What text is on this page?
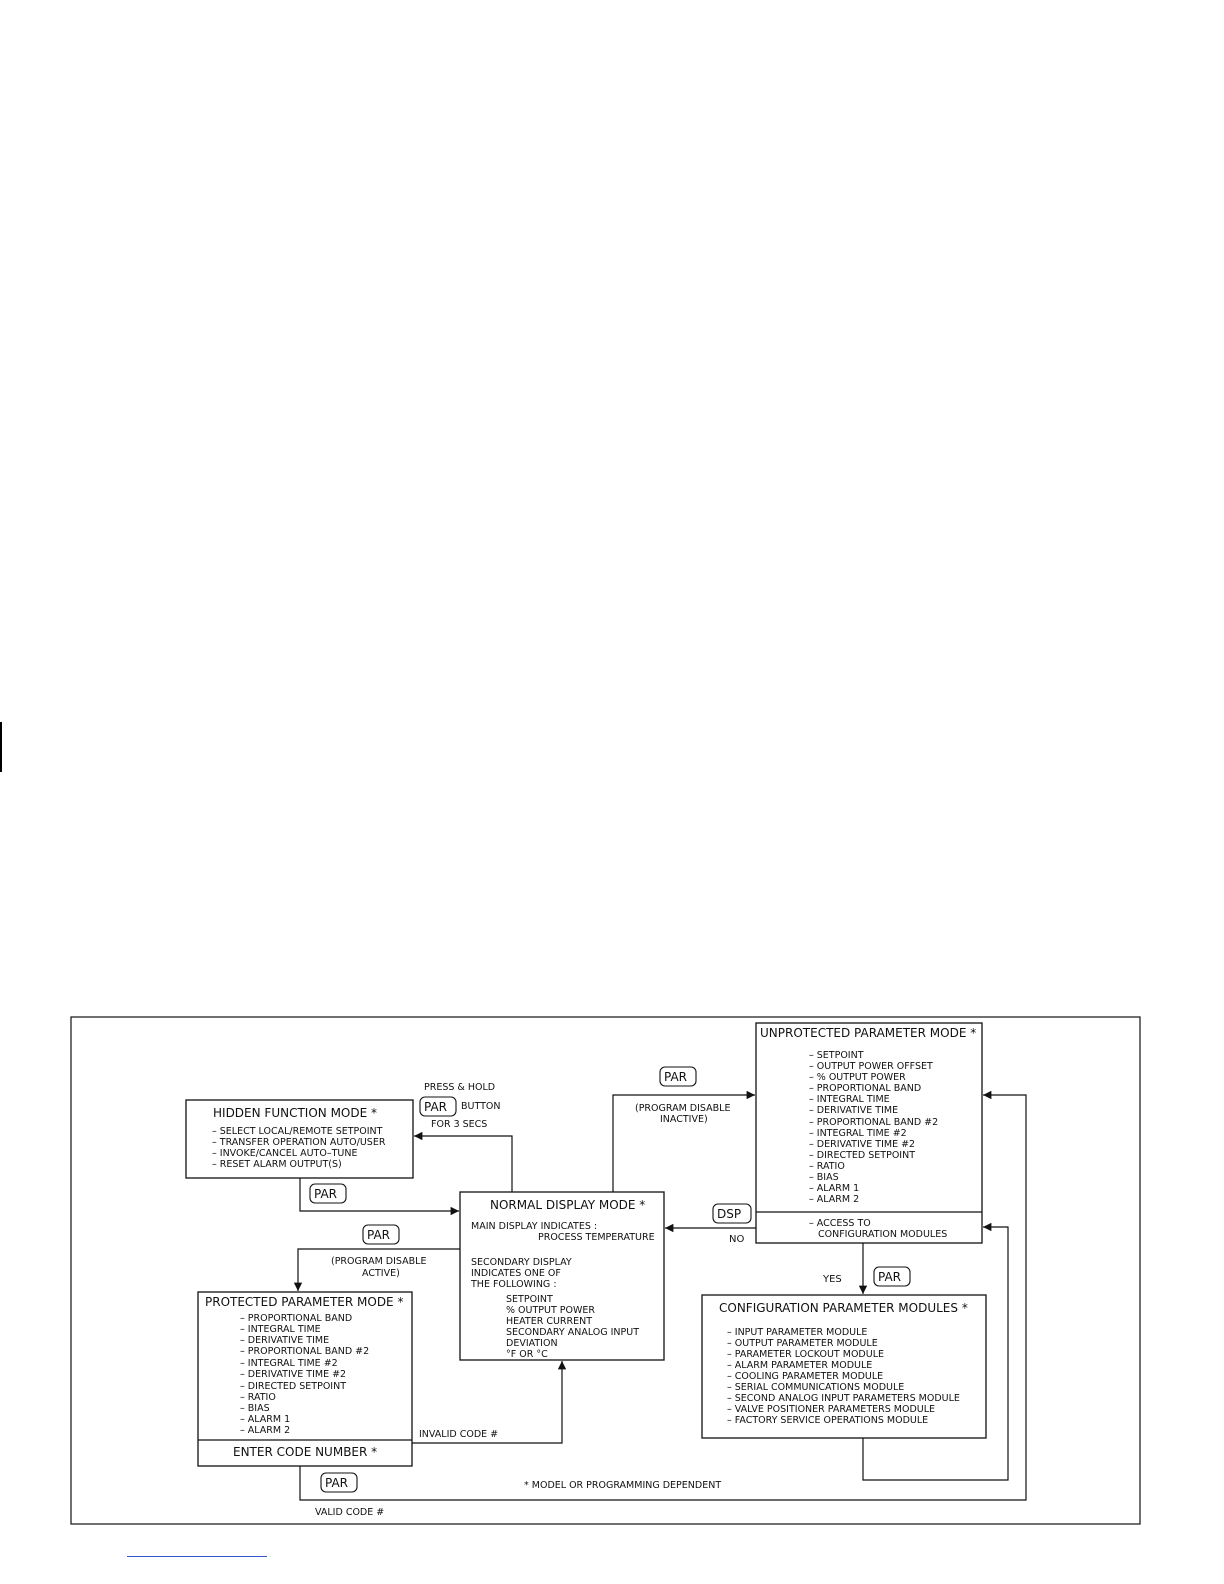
HIDDEN FUNCTION MODE *
– SELECT LOCAL/REMOTE SETPOINT
– TRANSFER OPERATION AUTO/USER
– INVOKE/CANCEL AUTO–TUNE
– RESET ALARM OUTPUT(S)
NORMAL DISPLAY MODE *
MAIN DISPLAY INDICATES :
PROCESS TEMPERATURE
SECONDARY DISPLAY
INDICATES ONE OF
THE FOLLOWING :
SETPOINT
% OUTPUT POWER
HEATER CURRENT
SECONDARY ANALOG INPUT
DEVIATION
°F OR °C
UNPROTECTED PARAMETER MODE *
– SETPOINT
– OUTPUT POWER OFFSET
– % OUTPUT POWER
– PROPORTIONAL BAND
– INTEGRAL TIME
– DERIVATIVE TIME
– PROPORTIONAL BAND #2
– INTEGRAL TIME #2
– DERIVATIVE TIME #2
– DIRECTED SETPOINT
– RATIO
– BIAS
– ALARM 1
– ALARM 2
– ACCESS TO
CONFIGURATION MODULES
PROTECTED PARAMETER MODE *
– PROPORTIONAL BAND
– INTEGRAL TIME
– DERIVATIVE TIME
– PROPORTIONAL BAND #2
– INTEGRAL TIME #2
– DERIVATIVE TIME #2
– DIRECTED SETPOINT
– RATIO
– BIAS
– ALARM 1
– ALARM 2
ENTER CODE NUMBER *
CONFIGURATION PARAMETER MODULES *
– INPUT PARAMETER MODULE
– OUTPUT PARAMETER MODULE
– PARAMETER LOCKOUT MODULE
– ALARM PARAMETER MODULE
– COOLING PARAMETER MODULE
– SERIAL COMMUNICATIONS MODULE
– SECOND ANALOG INPUT PARAMETERS MODULE
– VALVE POSITIONER PARAMETERS MODULE
– FACTORY SERVICE OPERATIONS MODULE
PAR
PAR
PAR
PAR
DSP
PAR
PAR
PRESS & HOLD
BUTTON
FOR 3 SECS
(PROGRAM DISABLE
INACTIVE)
(PROGRAM DISABLE
ACTIVE)
NO
YES
INVALID CODE #
VALID CODE #
* MODEL OR PROGRAMMING DEPENDENT
